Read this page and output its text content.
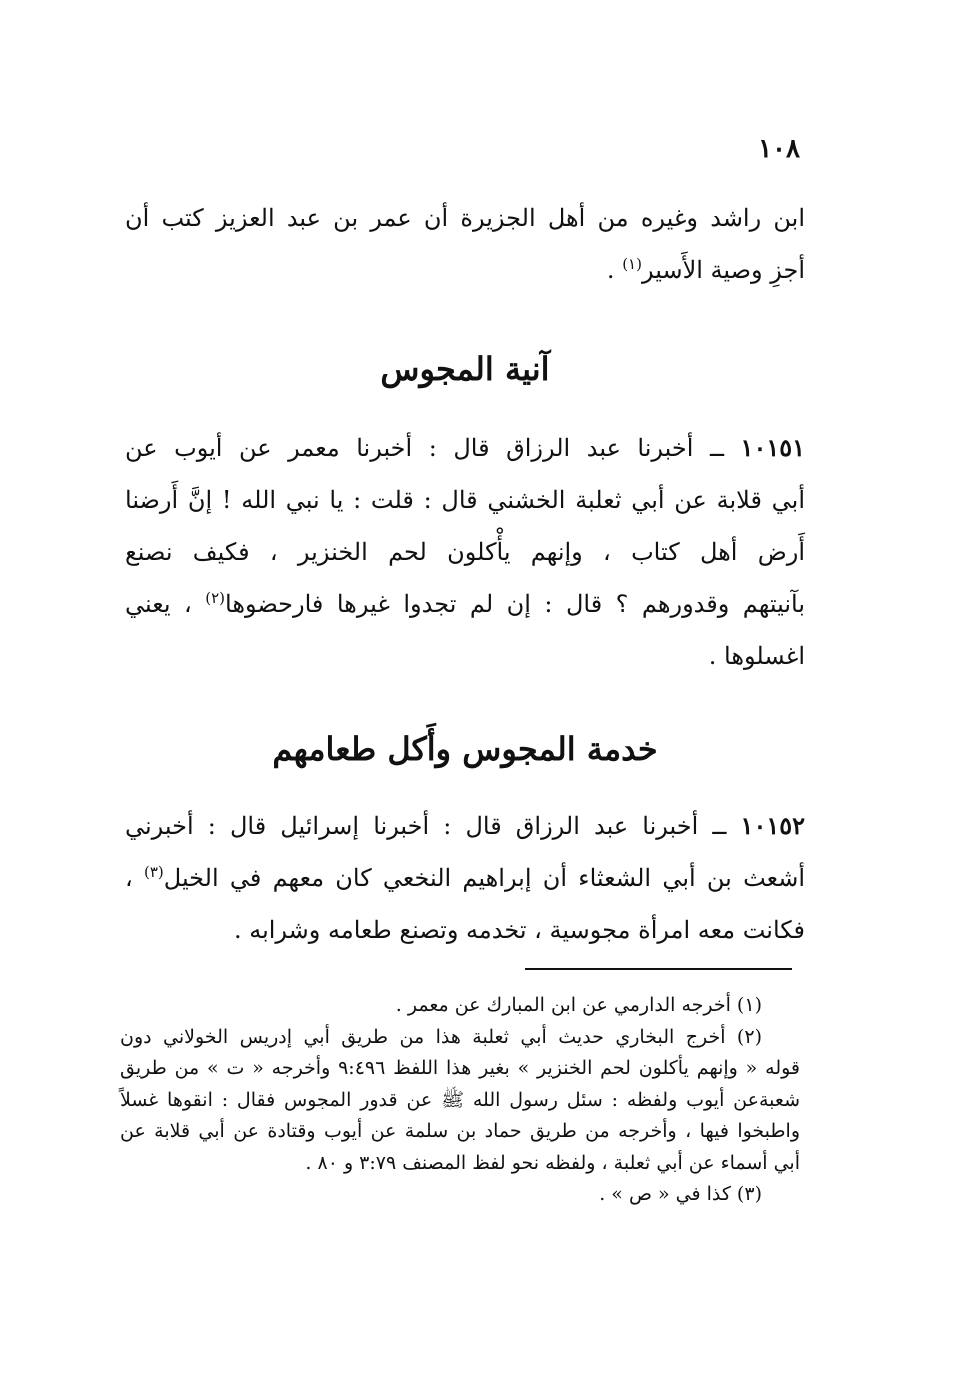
١٠٨
ابن راشد وغيره من أهل الجزيرة أن عمر بن عبد العزيز كتب أن
أجزِ وصية الأَسير$^{(١)}$ .
آنية المجوس
١٠١٥١ ــ أخبرنا عبد الرزاق قال : أخبرنا معمر عن أيوب عن
أبي قلابة عن أبي ثعلبة الخشني قال : قلت : يا نبي الله ! إنَّ أَرضنا
أَرض أهل كتاب ، وإنهم يأْكلون لحم الخنزير ، فكيف نصنع
بآنيتهم وقدورهم ؟ قال : إن لم تجدوا غيرها فارحضوها$^{(٢)}$ ، يعني
اغسلوها .
خدمة المجوس وأَكل طعامهم
١٠١٥٢ ــ أخبرنا عبد الرزاق قال : أخبرنا إسرائيل قال : أخبرني
أشعث بن أبي الشعثاء أن إبراهيم النخعي كان معهم في الخيل$^{(٣)}$ ،
فكانت معه امرأة مجوسية ، تخدمه وتصنع طعامه وشرابه .
(١) أخرجه الدارمي عن ابن المبارك عن معمر .
(٢) أخرج البخاري حديث أبي ثعلبة هذا من طريق أبي إدريس الخولاني دون
قوله « وإنهم يأكلون لحم الخنزير » بغير هذا اللفظ ٩:٤٩٦ وأخرجه « ت » من طريق
شعبةعن أيوب ولفظه : سئل رسول الله ﷺ عن قدور المجوس فقال : انقوها غسلاً
واطبخوا فيها ، وأخرجه من طريق حماد بن سلمة عن أيوب وقتادة عن أبي قلابة عن
أبي أسماء عن أبي ثعلبة ، ولفظه نحو لفظ المصنف ٣:٧٩ و ٨٠ .
(٣) كذا في « ص » .
